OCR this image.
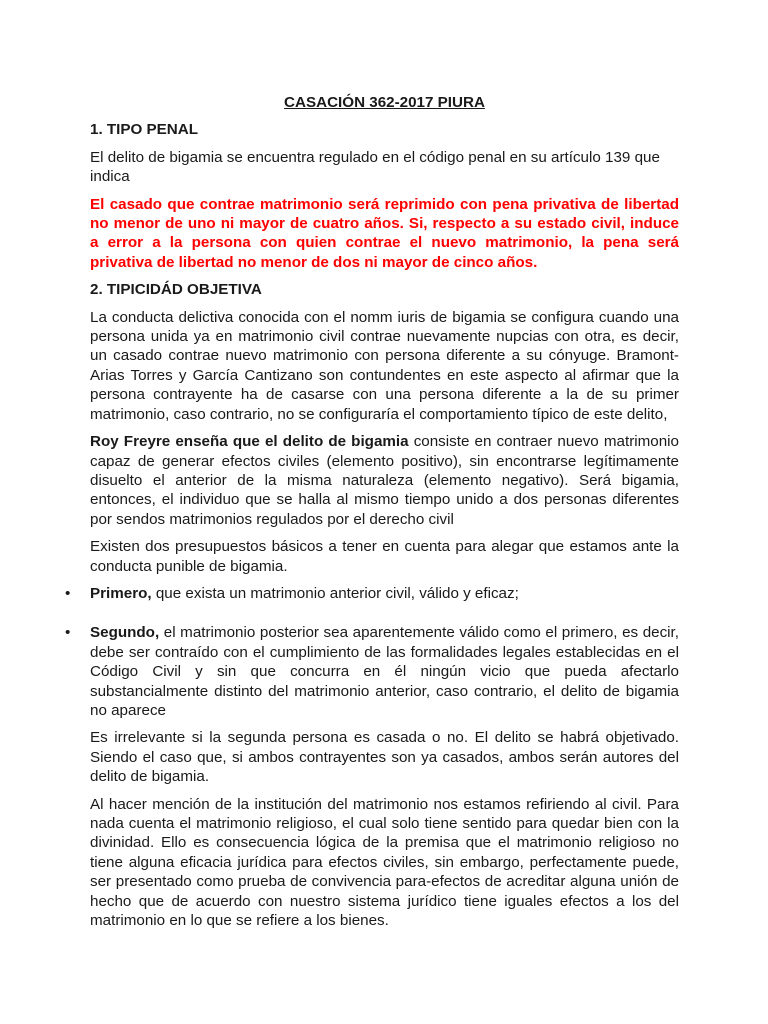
CASACIÓN 362-2017 PIURA
1. TIPO PENAL

El delito de bigamia se encuentra regulado en el código penal en su artículo 139 que indica

El casado que contrae matrimonio será reprimido con pena privativa de libertad no menor de uno ni mayor de cuatro años. Si, respecto a su estado civil, induce a error a la persona con quien contrae el nuevo matrimonio, la pena será privativa de libertad no menor de dos ni mayor de cinco años.

2. TIPICIDÁD OBJETIVA

La conducta delictiva conocida con el nomm iuris de bigamia se configura cuando una persona unida ya en matrimonio civil contrae nuevamente nupcias con otra, es decir, un casado contrae nuevo matrimonio con persona diferente a su cónyuge. Bramont-Arias Torres y García Cantizano son contundentes en este aspecto al afirmar que la persona contrayente ha de casarse con una persona diferente a la de su primer matrimonio, caso contrario, no se configuraría el comportamiento típico de este delito,

Roy Freyre enseña que el delito de bigamia consiste en contraer nuevo matrimonio capaz de generar efectos civiles (elemento positivo), sin encontrarse legítimamente disuelto el anterior de la misma naturaleza (elemento negativo). Será bigamia, entonces, el individuo que se halla al mismo tiempo unido a dos personas diferentes por sendos matrimonios regulados por el derecho civil

Existen dos presupuestos básicos a tener en cuenta para alegar que estamos ante la conducta punible de bigamia.

• Primero, que exista un matrimonio anterior civil, válido y eficaz;
• Segundo, el matrimonio posterior sea aparentemente válido como el primero, es decir, debe ser contraído con el cumplimiento de las formalidades legales establecidas en el Código Civil y sin que concurra en él ningún vicio que pueda afectarlo substancialmente distinto del matrimonio anterior, caso contrario, el delito de bigamia no aparece

Es irrelevante si la segunda persona es casada o no. El delito se habrá objetivado. Siendo el caso que, si ambos contrayentes son ya casados, ambos serán autores del delito de bigamia.

Al hacer mención de la institución del matrimonio nos estamos refiriendo al civil. Para nada cuenta el matrimonio religioso, el cual solo tiene sentido para quedar bien con la divinidad. Ello es consecuencia lógica de la premisa que el matrimonio religioso no tiene alguna eficacia jurídica para efectos civiles, sin embargo, perfectamente puede, ser presentado como prueba de convivencia para-efectos de acreditar alguna unión de hecho que de acuerdo con nuestro sistema jurídico tiene iguales efectos a los del matrimonio en lo que se refiere a los bienes.
